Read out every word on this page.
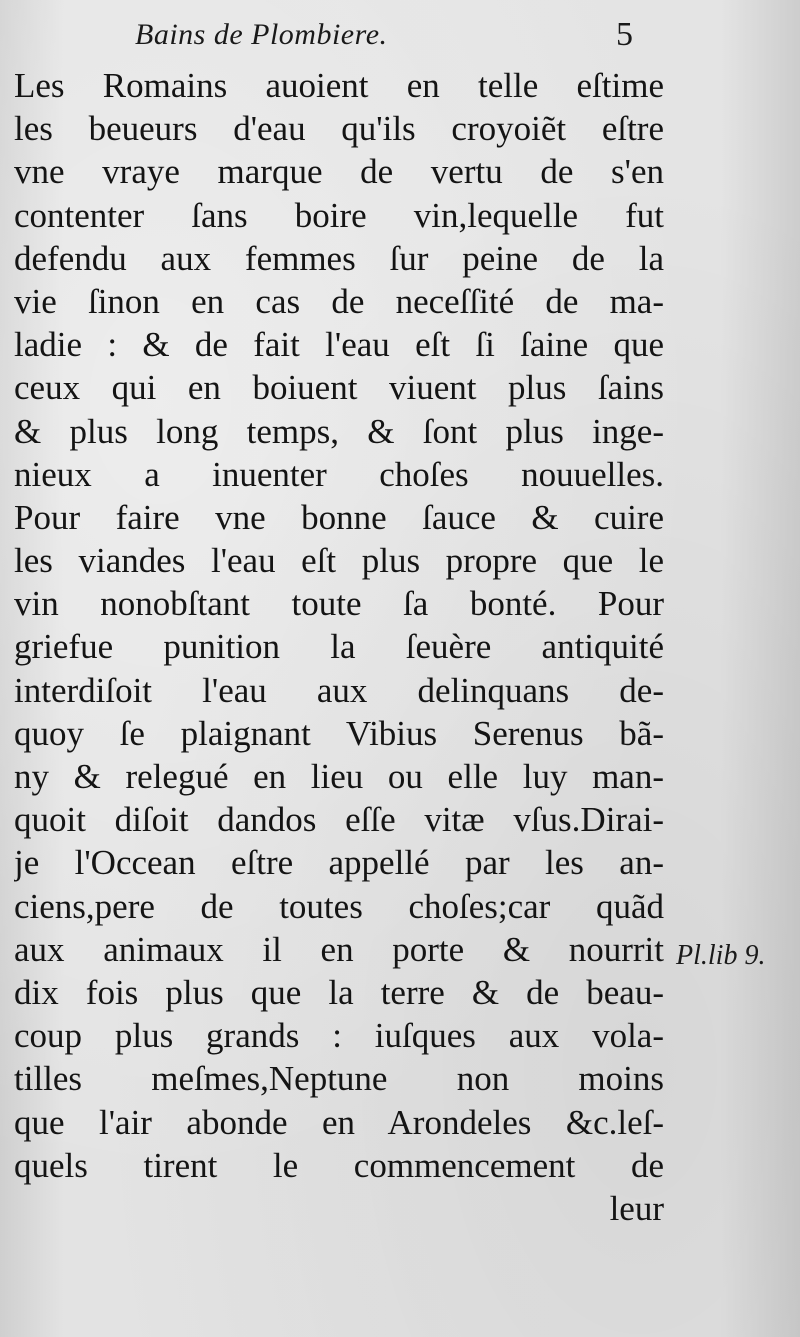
Bains de Plombiere.	5
Les Romains auoient en telle eſtime
les beueurs d'eau qu'ils croyoiẽt eſtre
vne vraye marque de vertu de s'en
contenter ſans boire vin,lequelle fut
defendu aux femmes ſur peine de la
vie ſinon en cas de neceſſité de ma-
ladie : & de fait l'eau eſt ſi ſaine que
ceux qui en boiuent viuent plus ſains
& plus long temps, & ſont plus inge-
nieux a inuenter choſes nouuelles.
Pour faire vne bonne ſauce & cuire
les viandes l'eau eſt plus propre que le
vin nonobſtant toute ſa bonté. Pour
griefue punition la ſeuère antiquité
interdiſoit l'eau aux delinquans de-
quoy ſe plaignant Vibius Serenus bã-
ny & relegué en lieu ou elle luy man-
quoit diſoit dandos eſſe vitæ vſus.Dirai-
je l'Occean eſtre appellé par les an-
ciens,pere de toutes choſes;car quãd
aux animaux il en porte & nourrit
dix fois plus que la terre & de beau-
coup plus grands : iuſques aux vola-
tilles meſmes,Neptune non moins
que l'air abonde en Arondeles &c.leſ-
quels tirent le commencement de
leur
Pl.lib 9.
